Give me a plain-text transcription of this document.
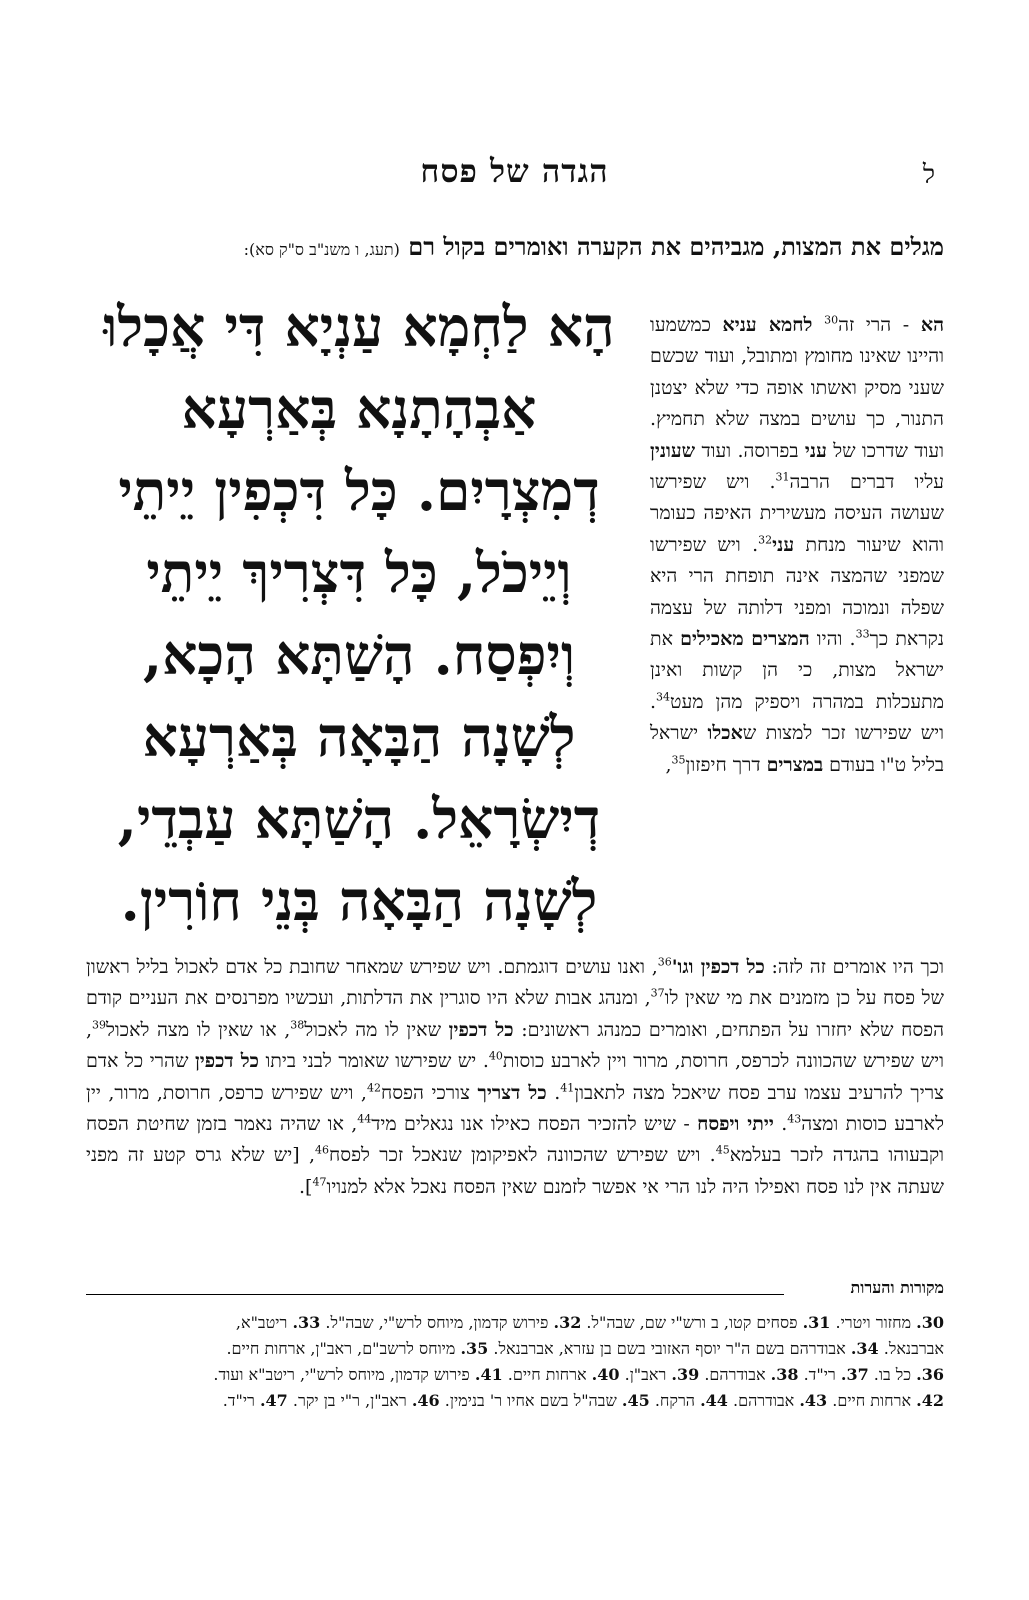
ל
הגדה של פסח
מגלים את המצות, מגביהים את הקערה ואומרים בקול רם (תעג, ו משנ"ב ס"ק סא):

הא - הרי זה$^{30}$ לחמא עניא כמשמעו והיינו שאינו מחומץ ומתובל, ועוד שכשם שעני מסיק ואשתו אופה כדי שלא יצטנן התנור, כך עושים במצה שלא תחמיץ. ועוד שדרכו של עני בפרוסה. ועוד שעונין עליו דברים הרבה$^{31}$. ויש שפירשו שעושה העיסה מעשירית האיפה כעומר והוא שיעור מנחת עני$^{32}$. ויש שפירשו שמפני שהמצה אינה תופחת הרי היא שפלה ונמוכה ומפני דלותה של עצמה נקראת כך$^{33}$. והיו המצרים מאכילים את ישראל מצות, כי הן קשות ואינן מתעכלות במהרה ויספיק מהן מעט$^{34}$. ויש שפירשו זכר למצות שאכלו ישראל בליל ט"ו בעודם במצרים דרך חיפזון$^{35}$,

הָא לַחְמָא עַנְיָא דִּי אֲכָלוּ אַבְהָתָנָא בְּאַרְעָא דְמִצְרָיִם. כָּל דִּכְפִין יֵיתֵי וְיֵיכֹל, כָּל דִּצְרִיךְ יֵיתֵי וְיִפְסַח. הָשַׁתָּא הָכָא, לְשָׁנָה הַבָּאָה בְּאַרְעָא דְיִשְׂרָאֵל. הָשַׁתָּא עַבְדֵי, לְשָׁנָה הַבָּאָה בְּנֵי חוֹרִין.

וכך היו אומרים זה לזה: כל דכפין $וגו'^{36}$, ואנו עושים דוגמתם. ויש שפירש שמאחר שחובת כל אדם לאכול בליל ראשון של פסח על כן מזמנים את מי שאין לו$^{37}$, ומנהג אבות שלא היו סוגרין את הדלתות, ועכשיו מפרנסים את העניים קודם הפסח שלא יחזרו על הפתחים, ואומרים כמנהג ראשונים: כל דכפין שאין לו מה לאכול$^{38}$, או שאין לו מצה לאכול$^{39}$, ויש שפירש שהכוונה לכרפס, חרוסת, מרור ויין לארבע כוסות$^{40}$. יש שפירשו שאומר לבני ביתו כל דכפין שהרי כל אדם צריך להרעיב עצמו ערב פסח שיאכל מצה לתאבון$^{41}$. כל דצריך צורכי הפסח$^{42}$, ויש שפירש כרפס, חרוסת, מרור, יין לארבע כוסות ומצה$^{43}$. ייתי ויפסח - שיש להזכיר הפסח כאילו אנו נגאלים מיד$^{44}$, או שהיה נאמר בזמן שחיטת הפסח וקבעוהו בהגדה לזכר בעלמא$^{45}$. ויש שפירש שהכוונה לאפיקומן שנאכל זכר לפסח$^{46}$, [יש שלא גרס קטע זה מפני שעתה אין לנו פסח ואפילו היה לנו הרי אי אפשר לזמנם שאין הפסח נאכל אלא למנויו$^{47}$].

מקורות והערות

30. מחזור ויטרי. 31. פסחים קטו, ב ורש"י שם, שבה"ל. 32. פירוש קדמון, מיוחס לרש"י, שבה"ל. 33. ריטב"א,

אברבנאל. 34. אבודרהם בשם ה"ר יוסף האזובי בשם בן עזרא, אברבנאל. 35. מיוחס לרשב"ם, ראב"ן, ארחות חיים.

36. כל בו. 37. רי"ד. 38. אבודרהם. 39. ראב"ן. 40. ארחות חיים. 41. פירוש קדמון, מיוחס לרש"י, ריטב"א ועוד.

42. ארחות חיים. 43. אבודרהם. 44. הרקח. 45. שבה"ל בשם אחיו ר' בנימין. 46. ראב"ן, ר"י בן יקר. 47. רי"ד.
